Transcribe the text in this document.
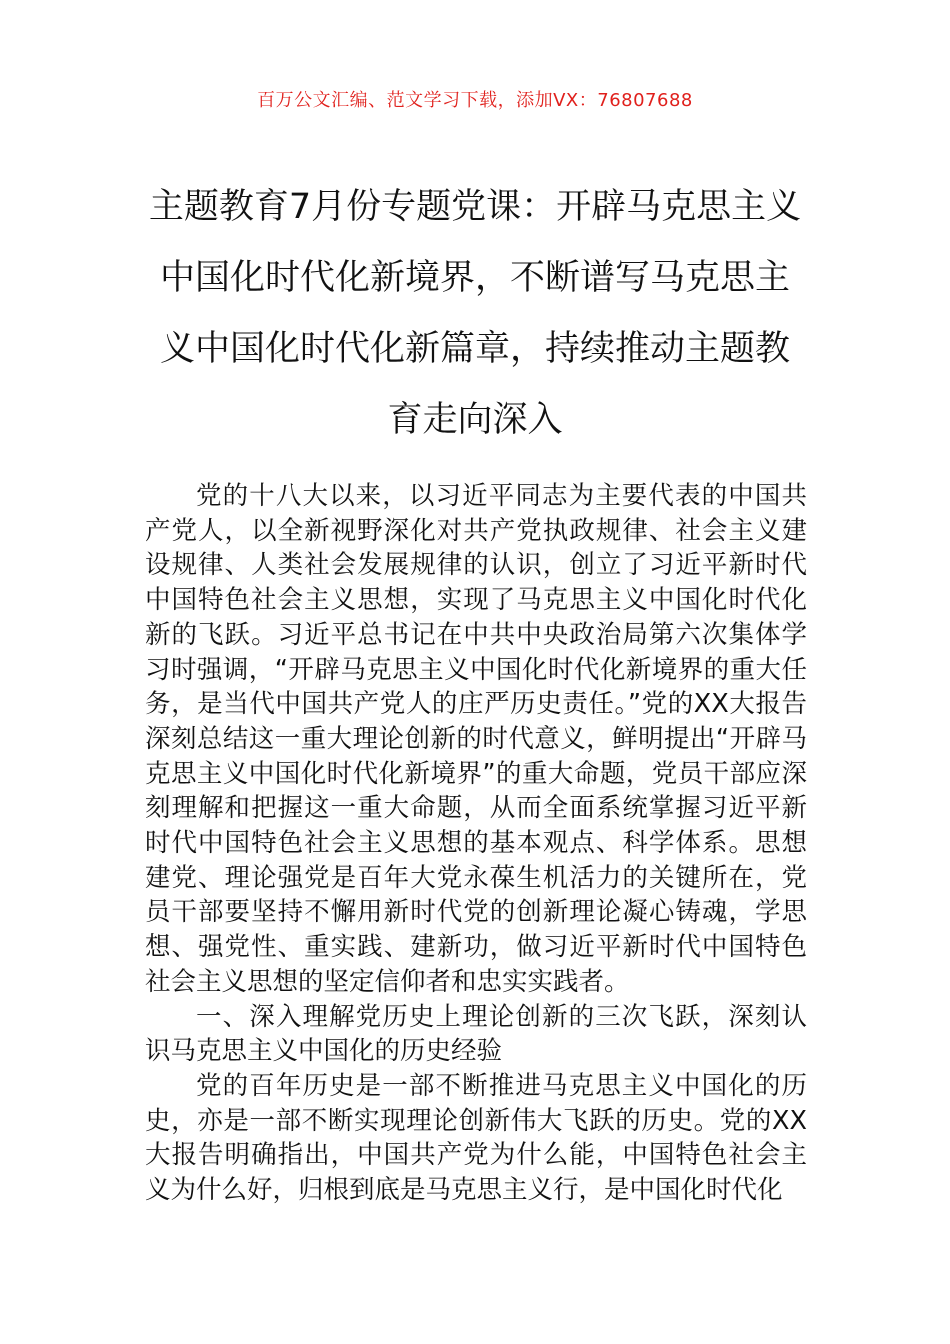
百万公文汇编、范文学习下载，添加VX：76807688
主题教育7月份专题党课：开辟马克思主义中国化时代化新境界，不断谱写马克思主义中国化时代化新篇章，持续推动主题教育走向深入

党的十八大以来，以习近平同志为主要代表的中国共产党人，以全新视野深化对共产党执政规律、社会主义建设规律、人类社会发展规律的认识，创立了习近平新时代中国特色社会主义思想，实现了马克思主义中国化时代化新的飞跃。习近平总书记在中共中央政治局第六次集体学习时强调，“开辟马克思主义中国化时代化新境界的重大任务，是当代中国共产党人的庄严历史责任。”党的XX大报告深刻总结这一重大理论创新的时代意义，鲜明提出“开辟马克思主义中国化时代化新境界”的重大命题，党员干部应深刻理解和把握这一重大命题，从而全面系统掌握习近平新时代中国特色社会主义思想的基本观点、科学体系。思想建党、理论强党是百年大党永葆生机活力的关键所在，党员干部要坚持不懈用新时代党的创新理论凝心铸魂，学思想、强党性、重实践、建新功，做习近平新时代中国特色社会主义思想的坚定信仰者和忠实实践者。

一、深入理解党历史上理论创新的三次飞跃，深刻认识马克思主义中国化的历史经验

党的百年历史是一部不断推进马克思主义中国化的历史，亦是一部不断实现理论创新伟大飞跃的历史。党的XX大报告明确指出，中国共产党为什么能，中国特色社会主义为什么好，归根到底是马克思主义行，是中国化时代化
